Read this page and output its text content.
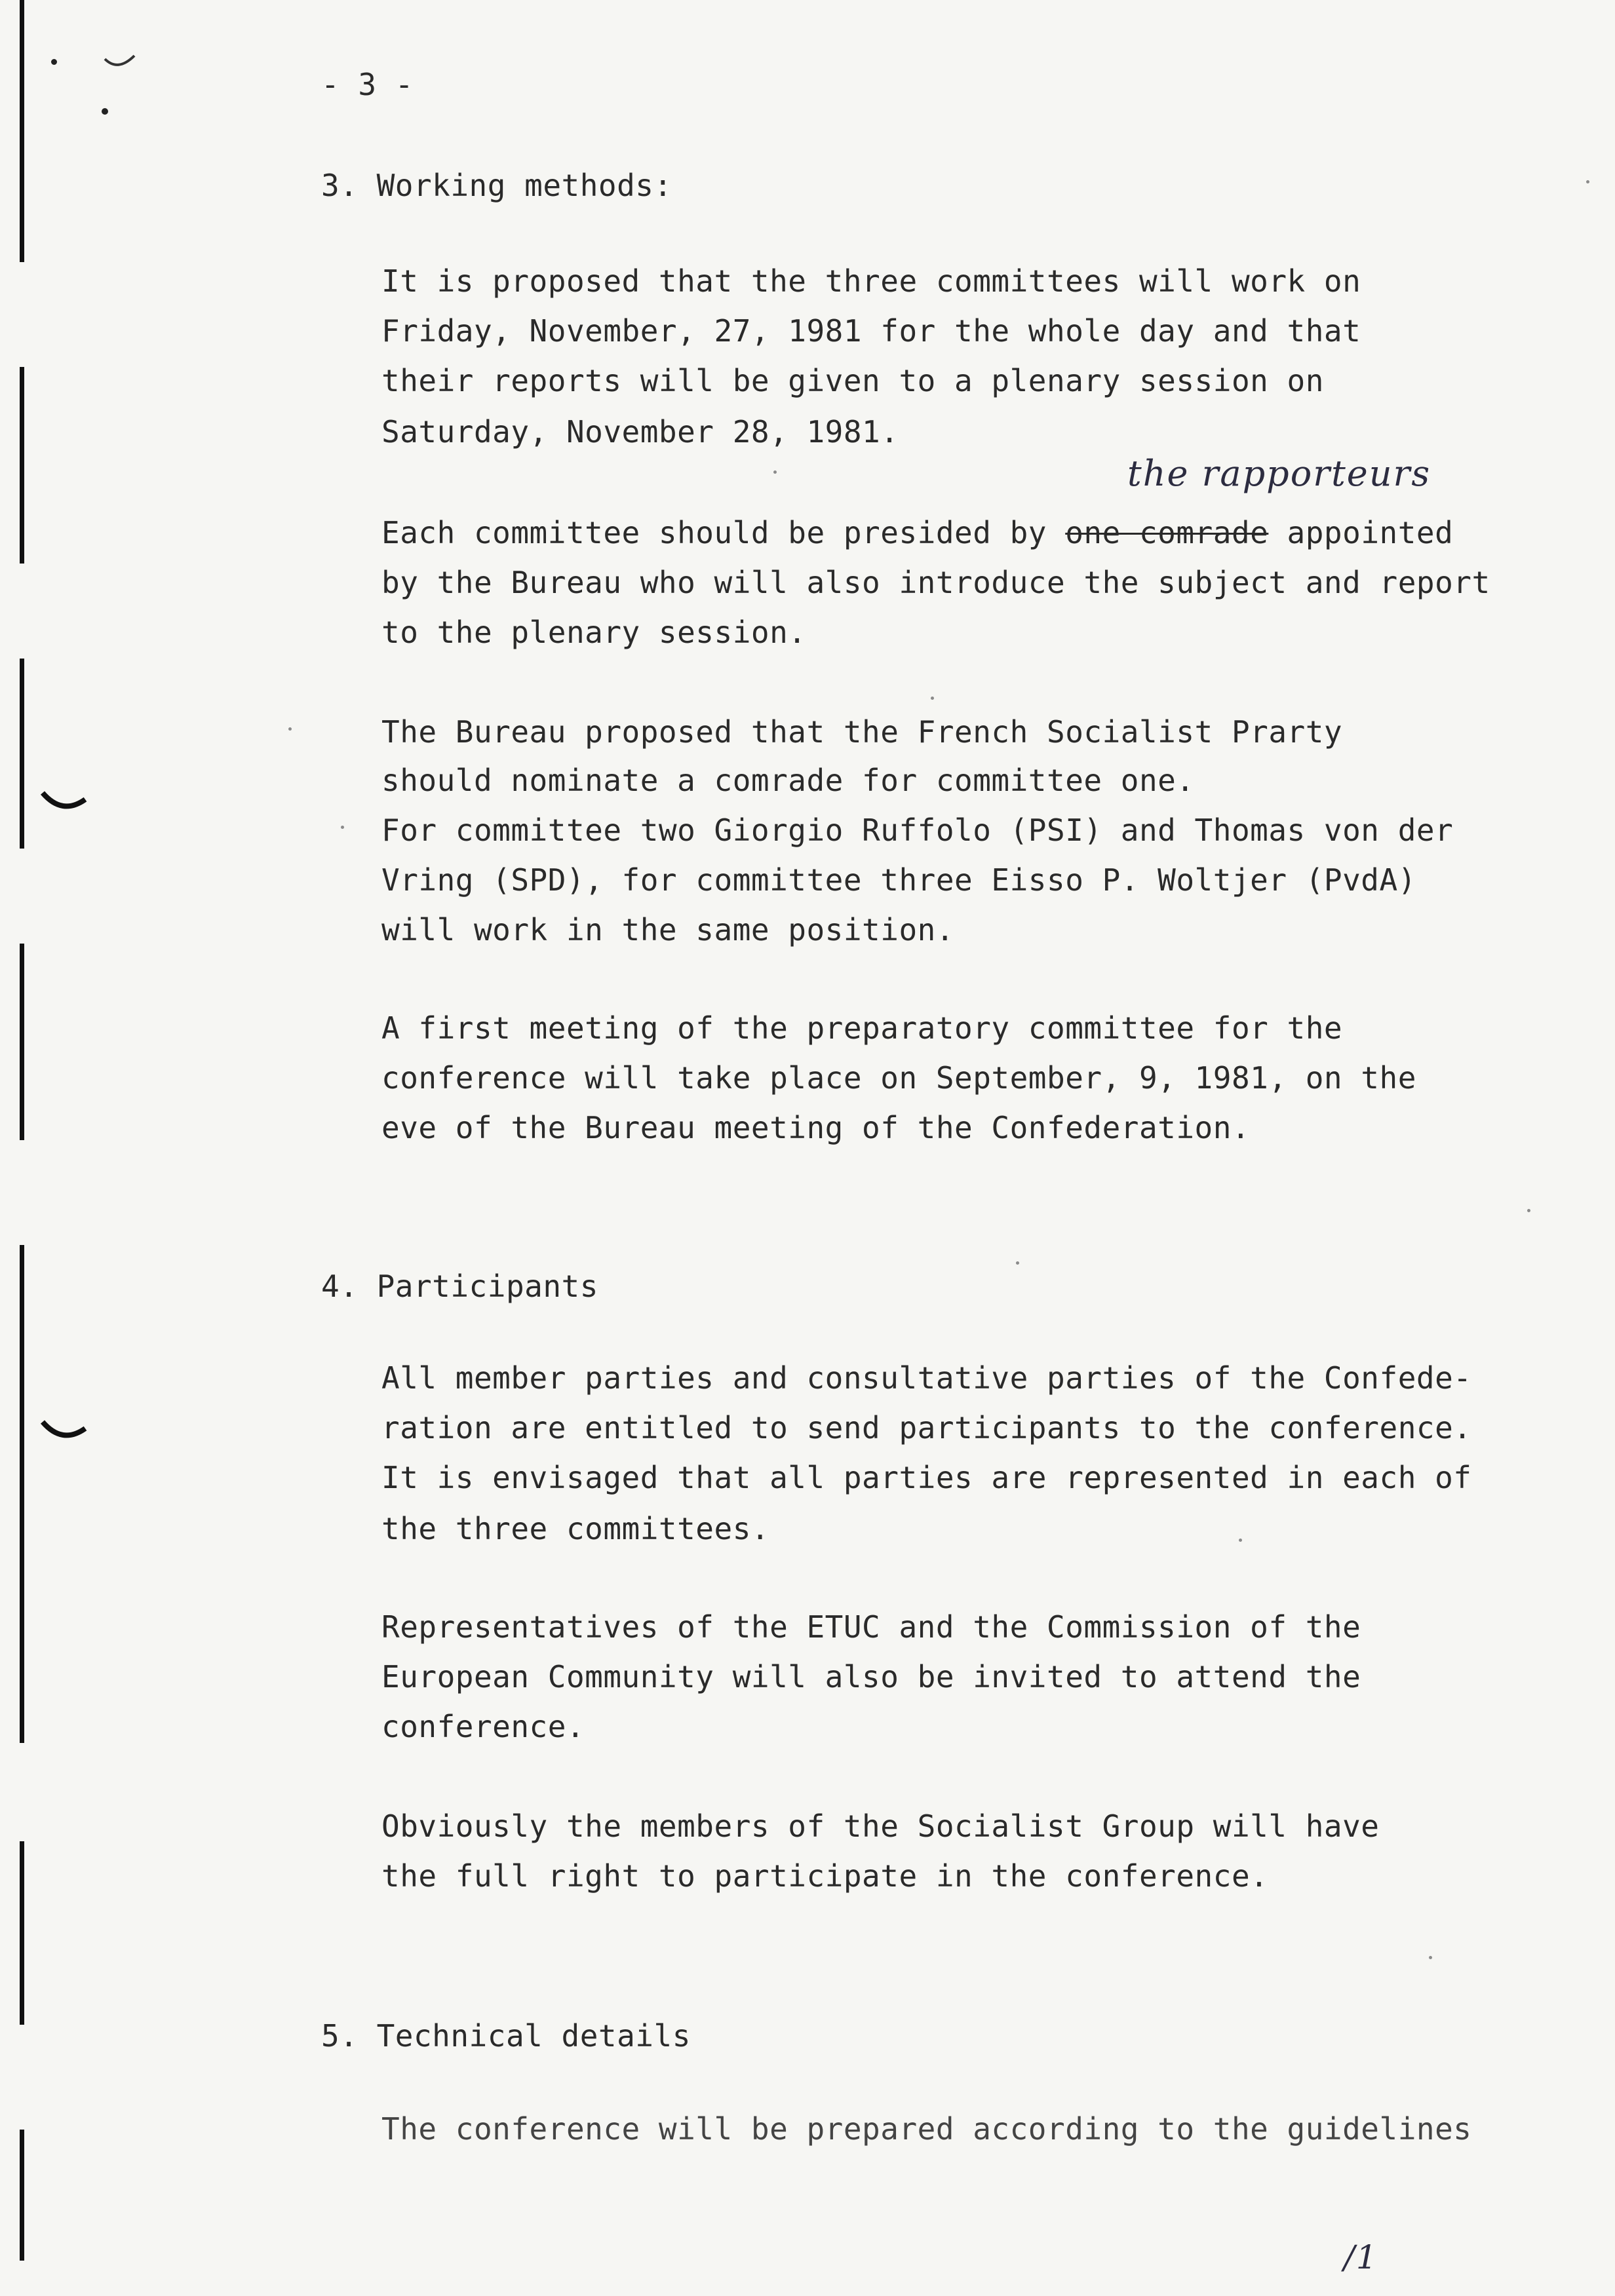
- 3 -
3. Working methods:
It is proposed that the three committees will work on
Friday, November, 27, 1981 for the whole day and that
their reports will be given to a plenary session on
Saturday, November 28, 1981.
the rapporteurs
Each committee should be presided by one comrade appointed
by the Bureau who will also introduce the subject and report
to the plenary session.
The Bureau proposed that the French Socialist Prarty
should nominate a comrade for committee one.
For committee two Giorgio Ruffolo (PSI) and Thomas von der
Vring (SPD), for committee three Eisso P. Woltjer (PvdA)
will work in the same position.
A first meeting of the preparatory committee for the
conference will take place on September, 9, 1981, on the
eve of the Bureau meeting of the Confederation.
4. Participants
All member parties and consultative parties of the Confede-
ration are entitled to send participants to the conference.
It is envisaged that all parties are represented in each of
the three committees.
Representatives of the ETUC and the Commission of the
European Community will also be invited to attend the
conference.
Obviously the members of the Socialist Group will have
the full right to participate in the conference.
5. Technical details
The conference will be prepared according to the guidelines
/1
